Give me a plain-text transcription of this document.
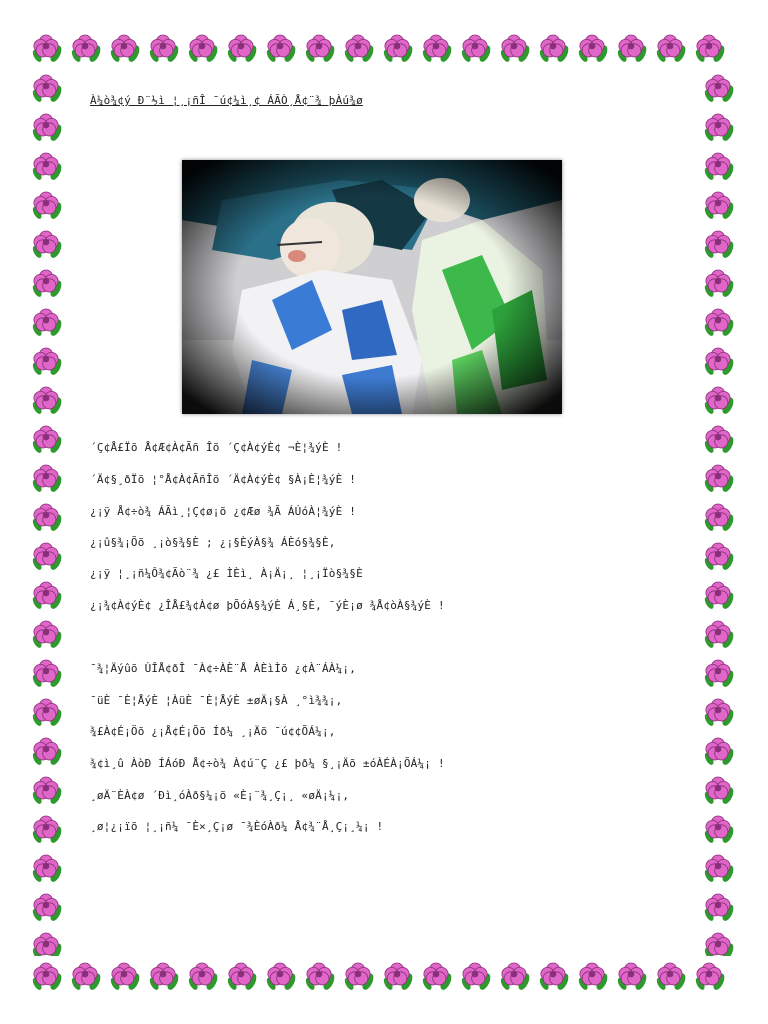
À¼ò¾¢ý Ð¨½ì ¦¸¡ñÎ ¯ú¢¼ì¸¢ ÁÃÒ¸Å¢¨¾ þÀú¾ø
´Ç¢Å£Ïõ Å¢Æ¢À¢Ãñ Îõ ´Ç¢À¢ýÈ¢ ¬È¦¾ýÈ !
´Ä¢§¸ðÏõ ¦°Å¢À¢ÃñÎõ ´Ä¢À¢ýÈ¢ §À¡È¦¾ýÈ !
¿¡ÿ Å¢÷ò¾ ÁÃì¸¦Ç¢ø¡õ ¿¢Æø ¾Ã ÁÚóÀ¦¾ýÈ !
¿¡û§¾¡Õõ ¸¡ò§¾§È ; ¿¡§ÈýÀ§¾ ÁÈó§¾§È,
¿¡ÿ ¦¸¡ñ¼Ô¾¢Ãò¨¾ ¿£ ÌÈì¸ À¡Ä¡¸ ¦¸¡Ïò§¾§È
¿¡¾¢À¢ýÈ¢ ¿ÎÅ£¾¢À¢ø þÕóÀ§¾ýÈ Á¸§È, ¯ýÈ¡ø ¾Å¢òÀ§¾ýÈ !
¯¾¦Äýûõ ÙÎÅ¢ðÎ ¯À¢÷ÀÈ¨Å ÀÈìÌõ ¿¢À¨ÁÀ¼¡,
¯üÈ ¯È¦ÅýÈ ¦ÀüÈ ¯È¦ÅýÈ ±øÄ¡§À ¸°ì¾¾¡,
¾£À¢É¡Öõ ¿¡Å¢É¡Õõ Íð¼ ¸¡Äõ ¯ú¢¢ÕÁ¼¡,
¾¢ì¸û ÀòÐ ÍÁóÐ Å¢÷ò¾ À¢ú¨Ç ¿£ þð¼ §¸¡Äõ ±óÀÉÀ¡ÕÁ¼¡ !
¸øÄ¨ÈÀ¢ø ´Ðì¸óÀð§¼¡õ «È¡¨¾¸Ç¡¸ «øÄ¡¼¡,
¸ø¦¿¡ïõ ¦¸¡ñ¼ ¯È×¸Ç¡ø ¯¾ÈóÀð¼ Å¢¾¨Å¸Ç¡¸¼¡ !
